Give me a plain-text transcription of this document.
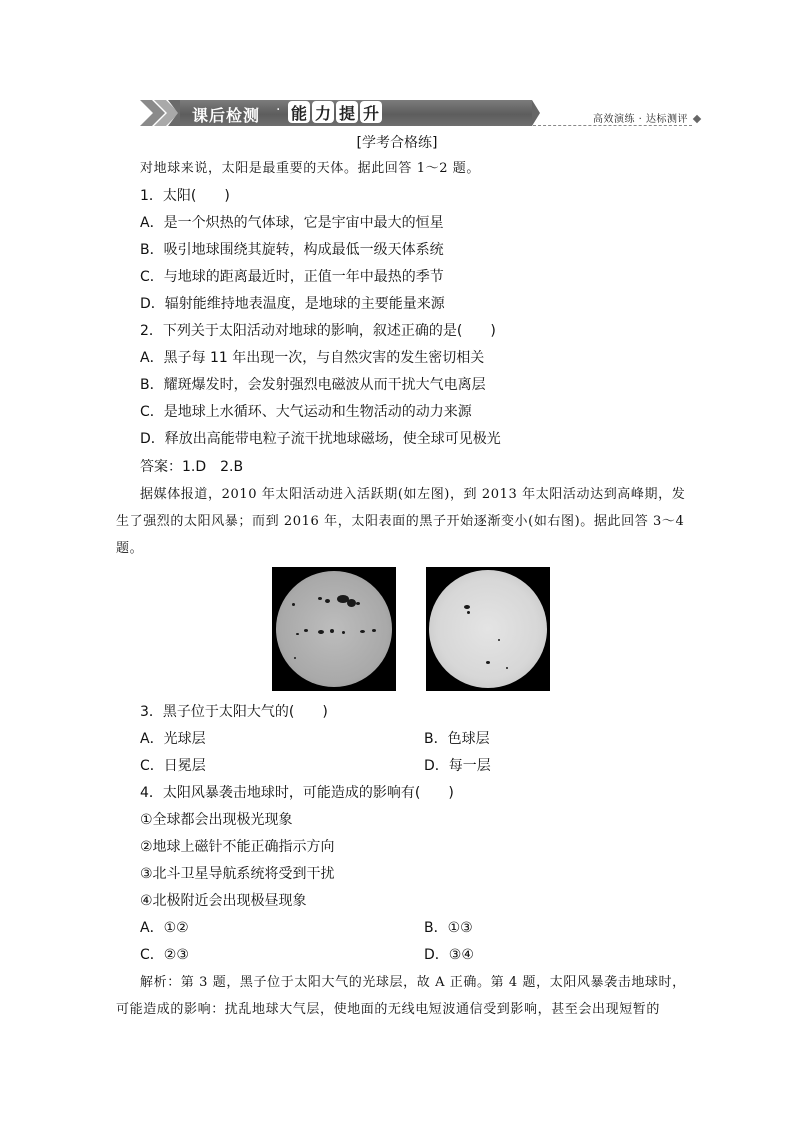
课后检测 · 能 力 提 升	高效演练 · 达标测评
[学考合格练]
对地球来说，太阳是最重要的天体。据此回答 1～2 题。
1．太阳(　　)
A．是一个炽热的气体球，它是宇宙中最大的恒星
B．吸引地球围绕其旋转，构成最低一级天体系统
C．与地球的距离最近时，正值一年中最热的季节
D．辐射能维持地表温度，是地球的主要能量来源
2．下列关于太阳活动对地球的影响，叙述正确的是(　　)
A．黑子每 11 年出现一次，与自然灾害的发生密切相关
B．耀斑爆发时，会发射强烈电磁波从而干扰大气电离层
C．是地球上水循环、大气运动和生物活动的动力来源
D．释放出高能带电粒子流干扰地球磁场，使全球可见极光
答案：1.D　2.B
据媒体报道，2010 年太阳活动进入活跃期(如左图)，到 2013 年太阳活动达到高峰期，发
生了强烈的太阳风暴；而到 2016 年，太阳表面的黑子开始逐渐变小(如右图)。据此回答 3～4
题。
3．黑子位于太阳大气的(　　)
A．光球层	B．色球层
C．日冕层	D．每一层
4．太阳风暴袭击地球时，可能造成的影响有(　　)
①全球都会出现极光现象
②地球上磁针不能正确指示方向
③北斗卫星导航系统将受到干扰
④北极附近会出现极昼现象
A．①②	B．①③
C．②③	D．③④
解析：第 3 题，黑子位于太阳大气的光球层，故 A 正确。第 4 题，太阳风暴袭击地球时，
可能造成的影响：扰乱地球大气层，使地面的无线电短波通信受到影响，甚至会出现短暂的
